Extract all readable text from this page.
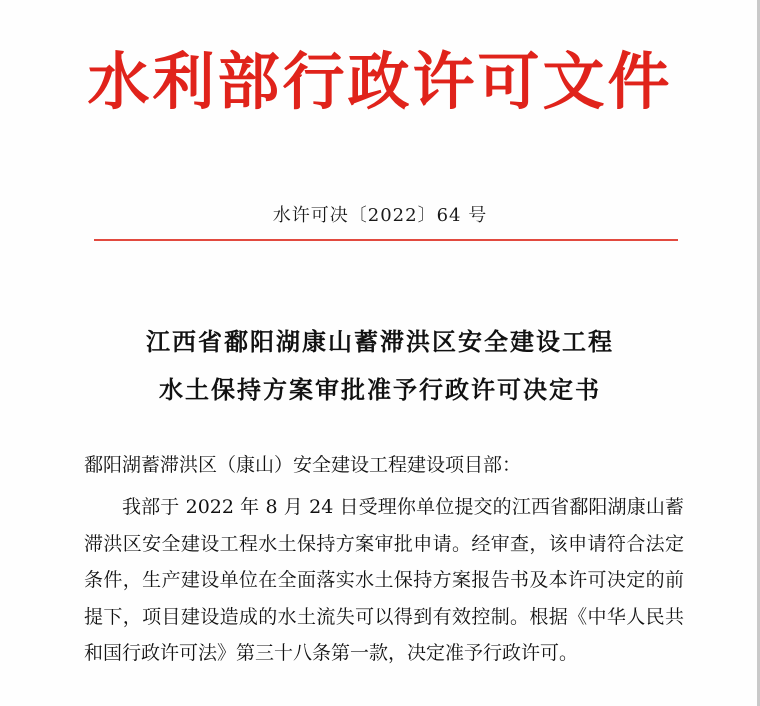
水利部行政许可文件
水许可决〔2022〕64 号
江西省鄱阳湖康山蓄滞洪区安全建设工程
水土保持方案审批准予行政许可决定书
鄱阳湖蓄滞洪区（康山）安全建设工程建设项目部：
我部于 2022 年 8 月 24 日受理你单位提交的江西省鄱阳湖康山蓄滞洪区安全建设工程水土保持方案审批申请。经审查，该申请符合法定条件，生产建设单位在全面落实水土保持方案报告书及本许可决定的前提下，项目建设造成的水土流失可以得到有效控制。根据《中华人民共和国行政许可法》第三十八条第一款，决定准予行政许可。
